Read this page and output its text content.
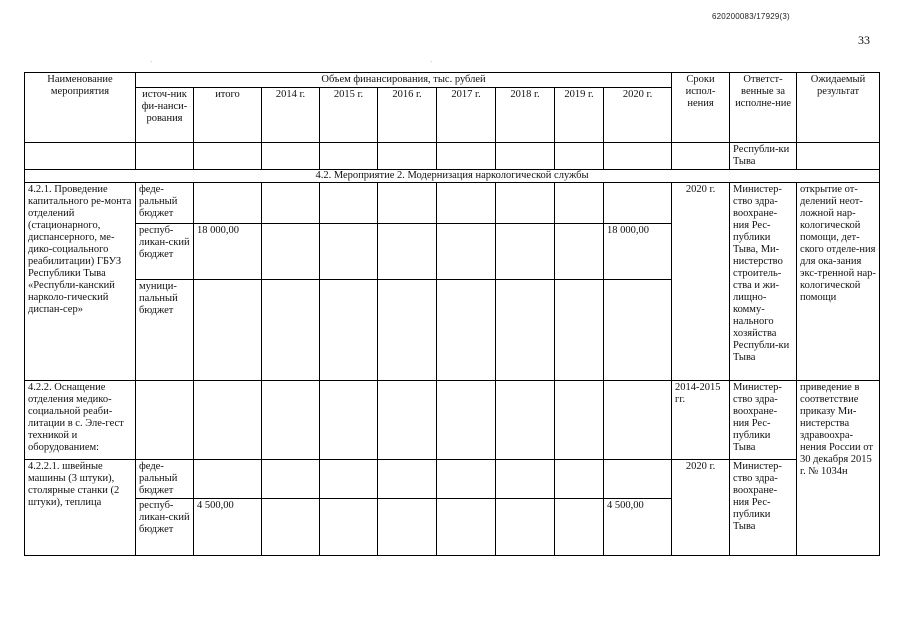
620200083/17929(3)
33
·	·
Наименование мероприятия	Объем финансирования, тыс. рублей									Сроки испол-нения	Ответст-венные за исполне-ние	Ожидаемый результат
	источ-ник фи-нанси-рования	итого	2014 г.	2015 г.	2016 г.	2017 г.	2018 г.	2019 г.	2020 г.			
											Республи-ки Тыва	
4.2. Мероприятие 2. Модернизация наркологической службы												
4.2.1. Проведение капитального ре-монта отделений (стационарного, диспансерного, ме-дико-социального реабилитации) ГБУЗ Республики Тыва «Республи-канский нарколо-гический диспан-сер»	феде-ральный бюджет									2020 г.	Министер-ство здра-воохране-ния Рес-публики Тыва, Ми-нистерство строитель-ства и жи-лищно-комму-нального хозяйства Республи-ки Тыва	открытие от-делений неот-ложной нар-кологической помощи, дет-ского отделе-ния для ока-зания экс-тренной нар-кологической помощи
	респуб-ликан-ский бюджет	18 000,00							18 000,00			
	муници-пальный бюджет											
4.2.2. Оснащение отделения медико-социальной реаби-литации в с. Эле-гест техникой и оборудованием:										2014-2015 гг.	Министер-ство здра-воохране-ния Рес-публики Тыва	приведение в соответствие приказу Ми-нистерства здравоохра-нения России от 30 декабря 2015 г. № 1034н
4.2.2.1. швейные машины (3 штуки), столярные станки (2 штуки), теплица	феде-ральный бюджет									2020 г.	Министер-ство здра-воохране-ния Рес-публики Тыва	
	респуб-ликан-ский бюджет	4 500,00							4 500,00			
